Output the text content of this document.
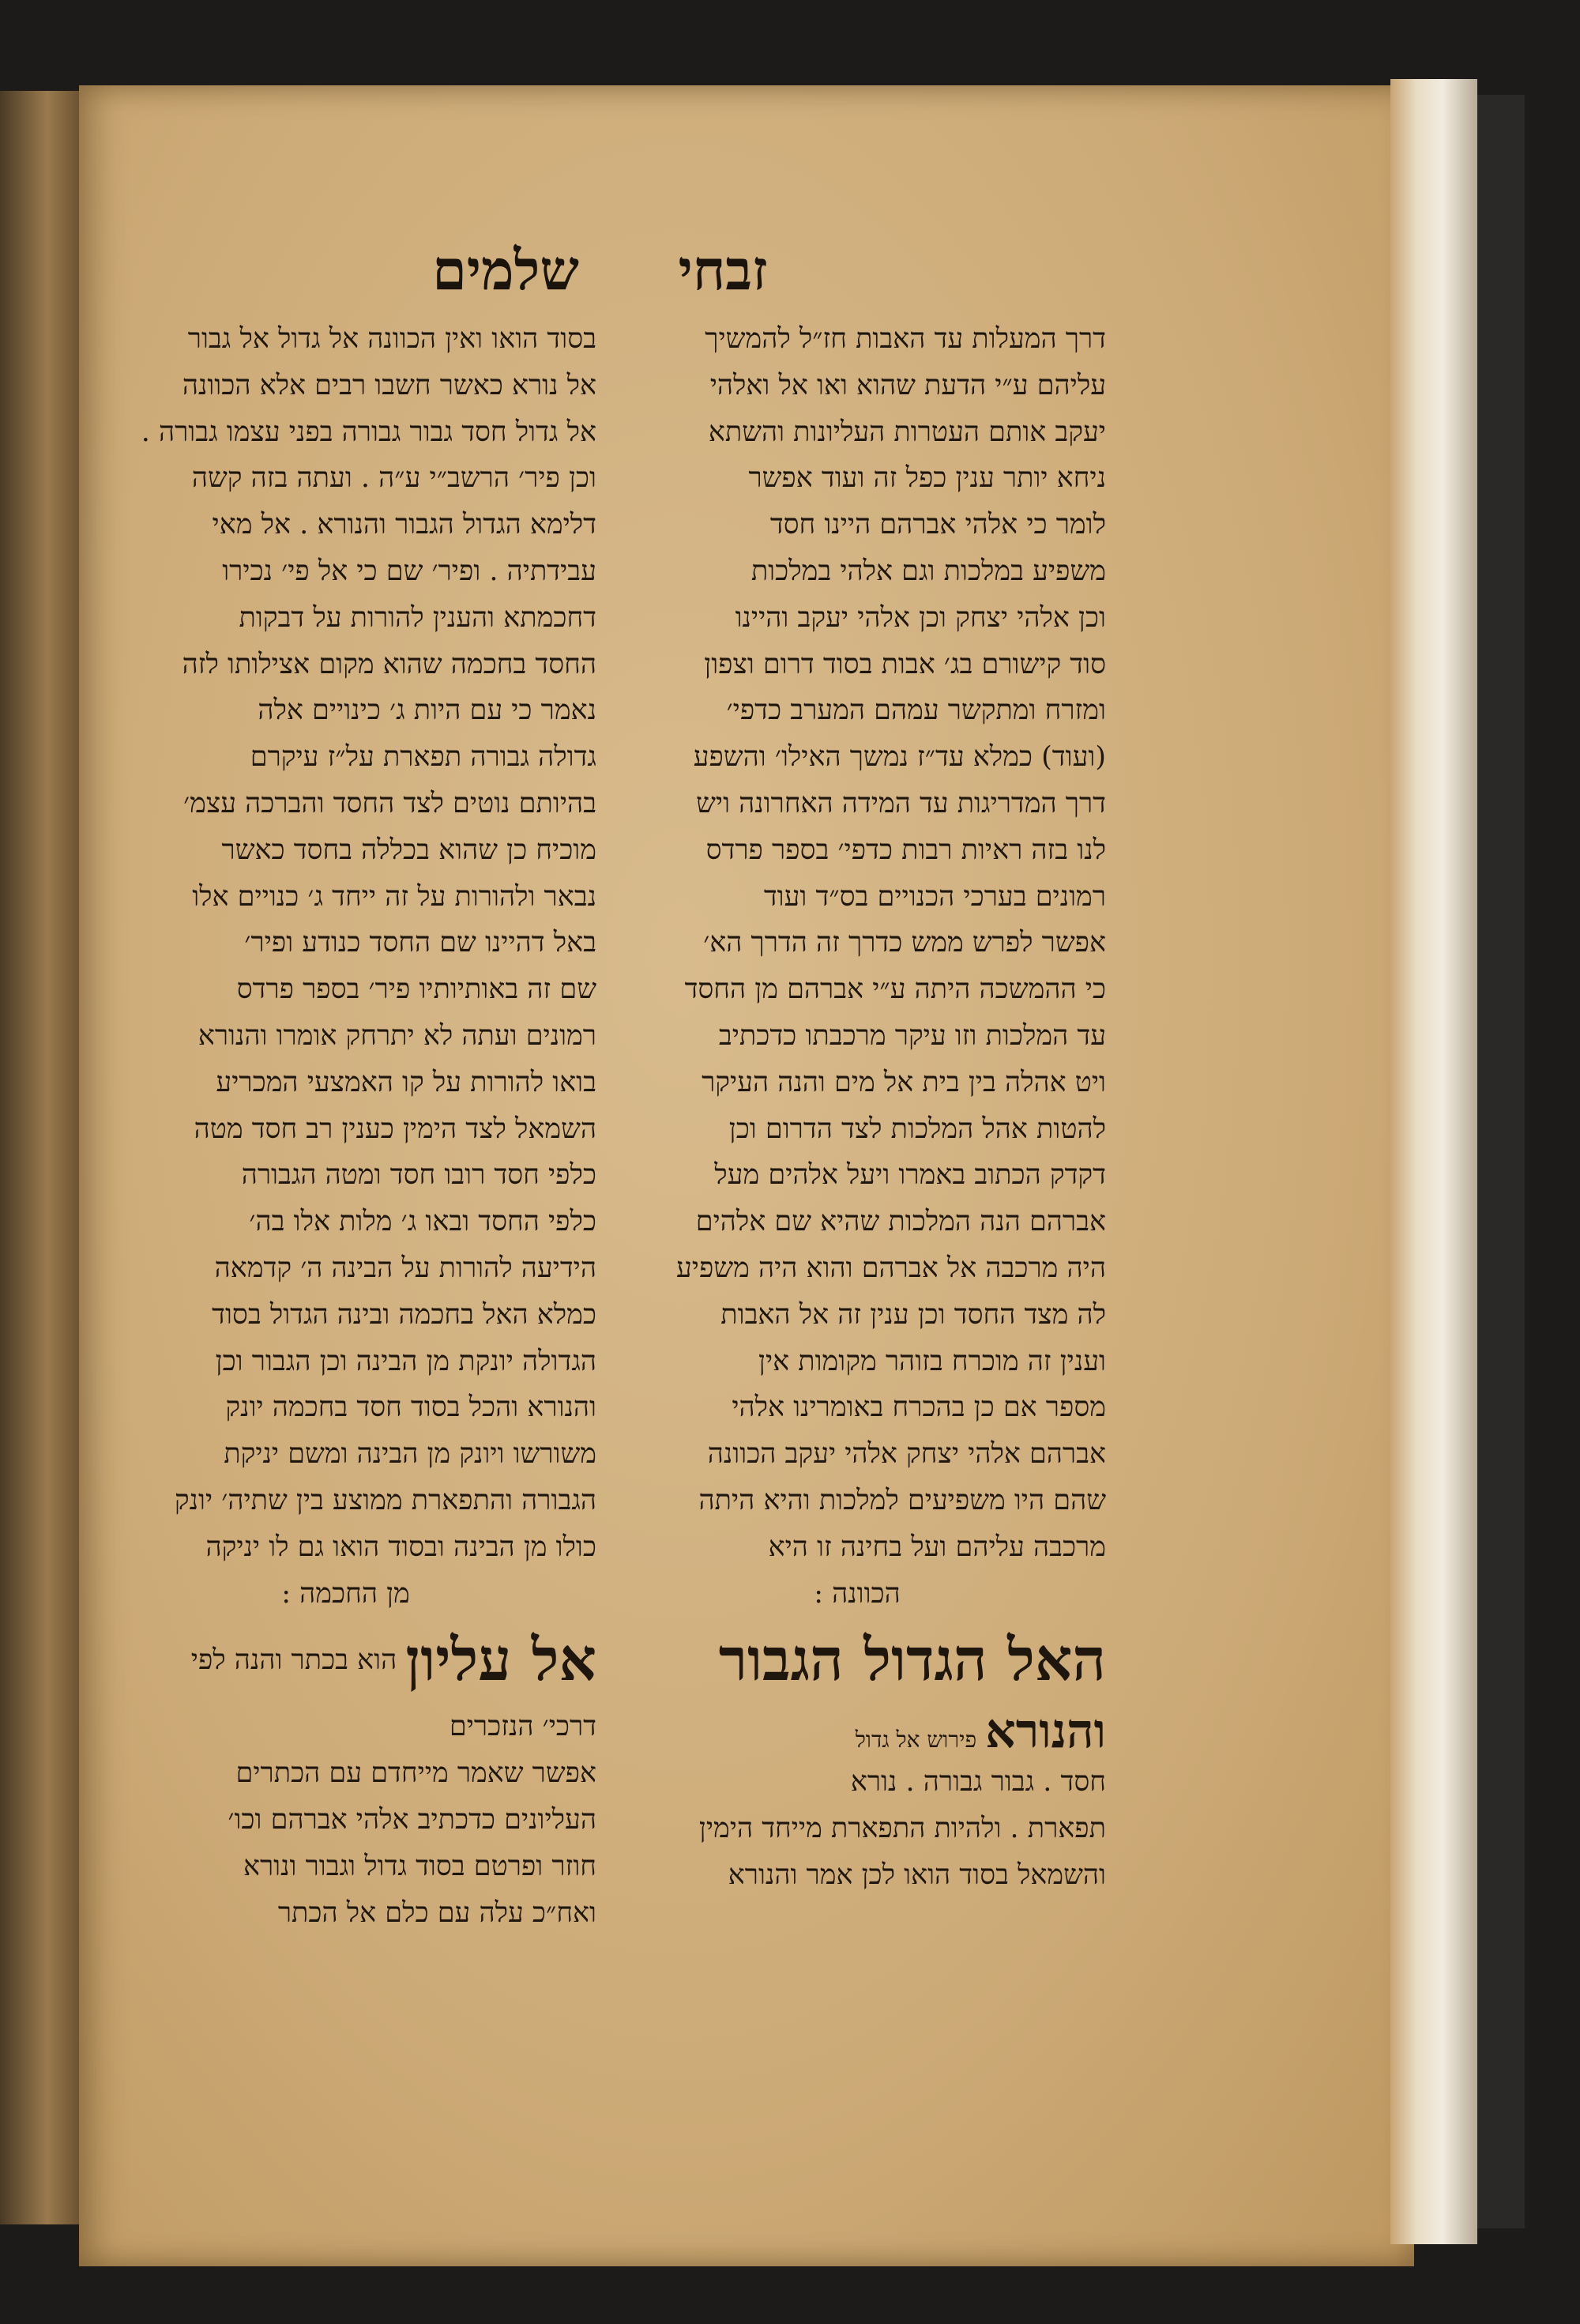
זבחי
שלמים
דרך המעלות עד האבות חז״ל להמשיך
עליהם ע״י הדעת שהוא ואו אל ואלהי
יעקב אותם העטרות העליונות והשתא
ניחא יותר ענין כפל זה ועוד אפשר
לומר כי אלהי אברהם היינו חסד
משפיע במלכות וגם אלהי במלכות
וכן אלהי יצחק וכן אלהי יעקב והיינו
סוד קישורם בג׳ אבות בסוד דרום וצפון
ומזרח ומתקשר עמהם המערב כדפי׳
(ועוד) כמלא עד״ז נמשך האילו׳ והשפע
דרך המדריגות עד המידה האחרונה ויש
לנו בזה ראיות רבות כדפי׳ בספר פרדס
רמונים בערכי הכנויים בס״ד ועוד
אפשר לפרש ממש כדרך זה הדרך הא׳
כי ההמשכה היתה ע״י אברהם מן החסד
עד המלכות וזו עיקר מרכבתו כדכתיב
ויט אהלה בין בית אל מים והנה העיקר
להטות אהל המלכות לצד הדרום וכן
דקדק הכתוב באמרו ויעל אלהים מעל
אברהם הנה המלכות שהיא שם אלהים
היה מרכבה אל אברהם והוא היה משפיע
לה מצד החסד וכן ענין זה אל האבות
וענין זה מוכרח בזוהר מקומות אין
מספר אם כן בהכרח באומרינו אלהי
אברהם אלהי יצחק אלהי יעקב הכוונה
שהם היו משפיעים למלכות והיא היתה
מרכבה עליהם ועל בחינה זו היא
הכוונה :
האל הגדול הגבור
והנורא פירוש אל גדול
חסד . גבור גבורה . נורא
תפארת . ולהיות התפארת מייחד הימין
והשמאל בסוד הואו לכן אמר והנורא
בסוד הואו ואין הכוונה אל גדול אל גבור
אל נורא כאשר חשבו רבים אלא הכוונה
אל גדול חסד גבור גבורה בפני עצמו גבורה .
וכן פיר׳ הרשב״י ע״ה . ועתה בזה קשה
דלימא הגדול הגבור והנורא . אל מאי
עבידתיה . ופיר׳ שם כי אל פי׳ נכירו
דחכמתא והענין להורות על דבקות
החסד בחכמה שהוא מקום אצילותו לזה
נאמר כי עם היות ג׳ כינויים אלה
גדולה גבורה תפארת על״ז עיקרם
בהיותם נוטים לצד החסד והברכה עצמ׳
מוכיח כן שהוא בכללה בחסד כאשר
נבאר ולהורות על זה ייחד ג׳ כנויים אלו
באל דהיינו שם החסד כנודע ופיר׳
שם זה באותיותיו פיר׳ בספר פרדס
רמונים ועתה לא יתרחק אומרו והנורא
בואו להורות על קו האמצעי המכריע
השמאל לצד הימין כענין רב חסד מטה
כלפי חסד רובו חסד ומטה הגבורה
כלפי החסד ובאו ג׳ מלות אלו בה׳
הידיעה להורות על הבינה ה׳ קדמאה
כמלא האל בחכמה ובינה הגדול בסוד
הגדולה יונקת מן הבינה וכן הגבור וכן
והנורא והכל בסוד חסד בחכמה יונק
משורשו ויונק מן הבינה ומשם יניקת
הגבורה והתפארת ממוצע בין שתיה׳ יונק
כולו מן הבינה ובסוד הואו גם לו יניקה
מן החכמה :
אל עליון הוא בכתר והנה לפי
דרכי׳ הנזכרים
אפשר שאמר מייחדם עם הכתרים
העליונים כדכתיב אלהי אברהם וכו׳
חוזר ופרטם בסוד גדול וגבור ונורא
ואח״כ עלה עם כלם אל הכתר
